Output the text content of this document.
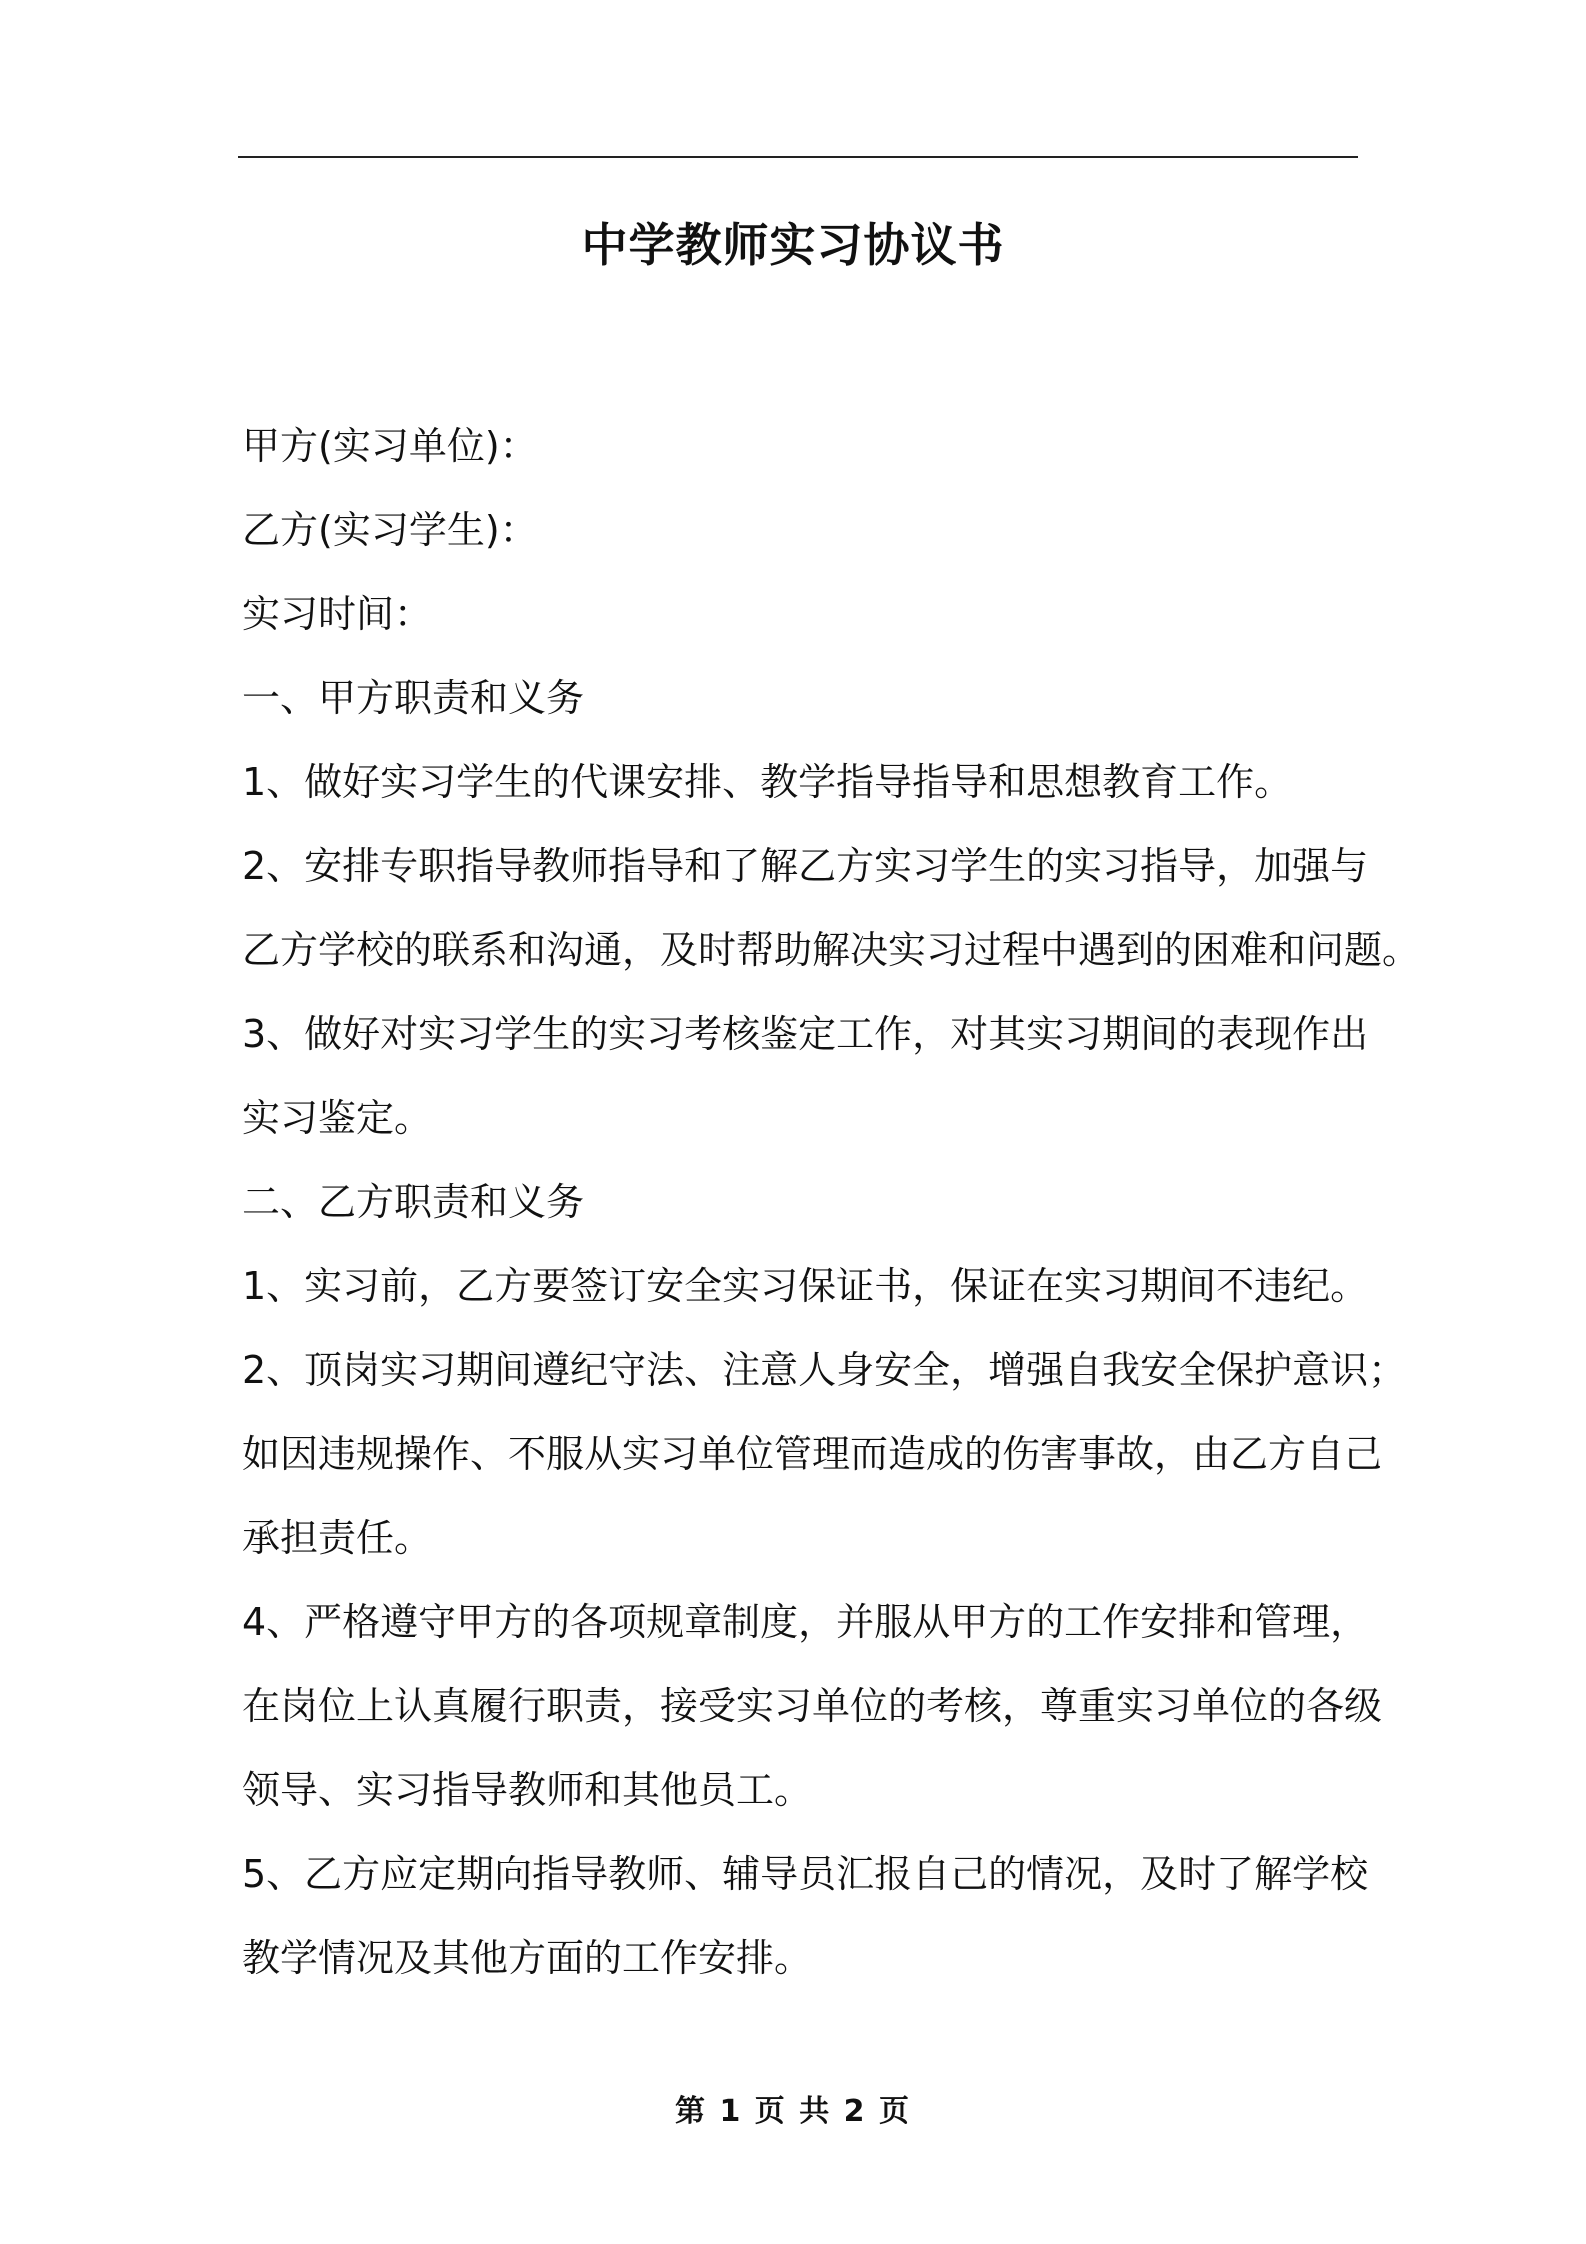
中学教师实习协议书
甲方(实习单位)：
乙方(实习学生)：
实习时间：
一、甲方职责和义务
1、做好实习学生的代课安排、教学指导指导和思想教育工作。
2、安排专职指导教师指导和了解乙方实习学生的实习指导，加强与
乙方学校的联系和沟通，及时帮助解决实习过程中遇到的困难和问题。
3、做好对实习学生的实习考核鉴定工作，对其实习期间的表现作出
实习鉴定。
二、乙方职责和义务
1、实习前，乙方要签订安全实习保证书，保证在实习期间不违纪。
2、顶岗实习期间遵纪守法、注意人身安全，增强自我安全保护意识；
如因违规操作、不服从实习单位管理而造成的伤害事故，由乙方自己
承担责任。
4、严格遵守甲方的各项规章制度，并服从甲方的工作安排和管理，
在岗位上认真履行职责，接受实习单位的考核，尊重实习单位的各级
领导、实习指导教师和其他员工。
5、乙方应定期向指导教师、辅导员汇报自己的情况，及时了解学校
教学情况及其他方面的工作安排。
第 1 页 共 2 页
